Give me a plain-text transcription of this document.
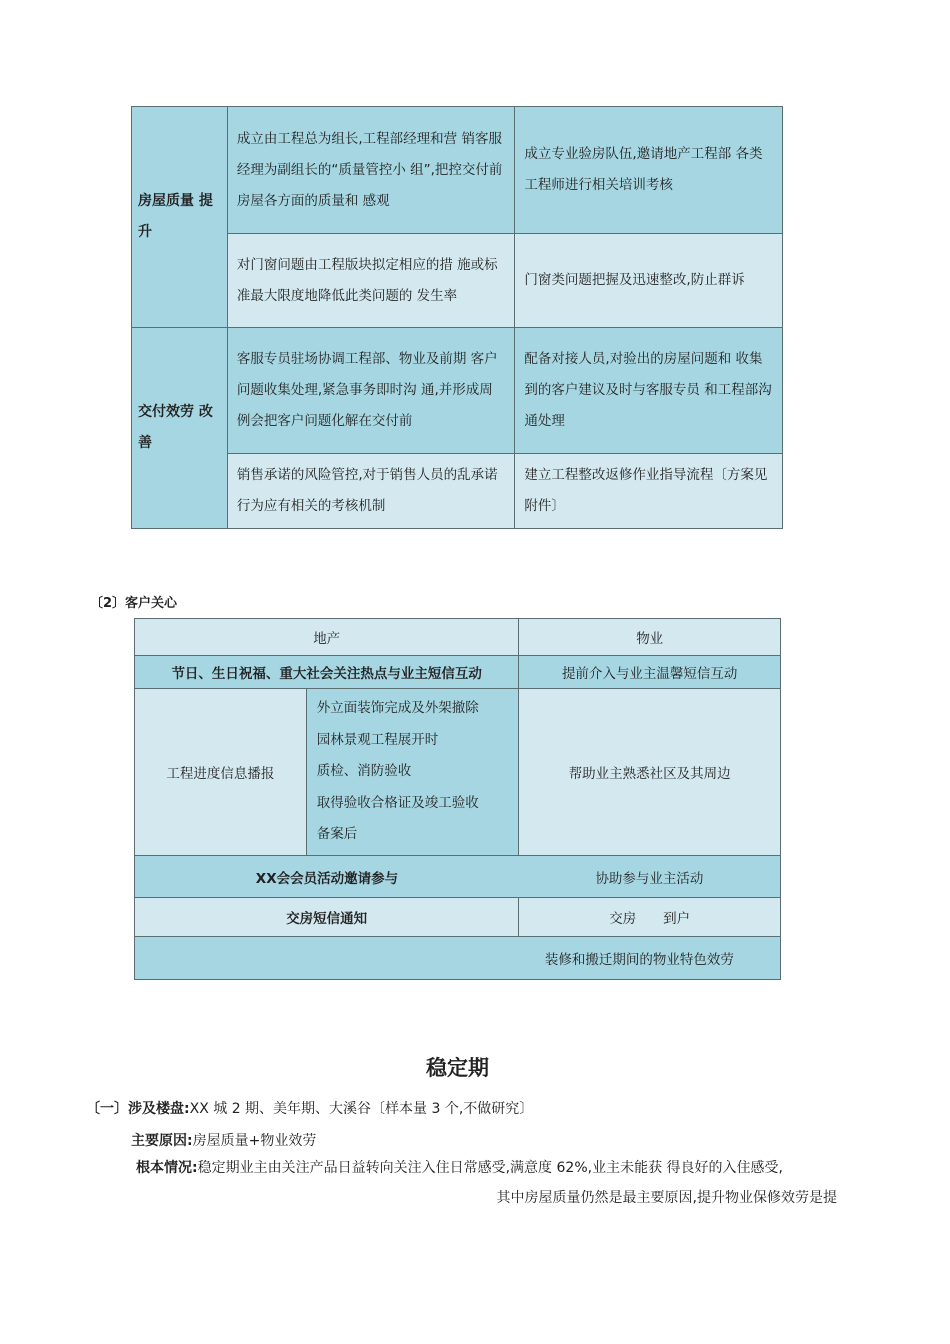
房屋质量 提升	成立由工程总为组长,工程部经理和营 销客服经理为副组长的“质量管控小 组”,把控交付前房屋各方面的质量和 感观	成立专业验房队伍,邀请地产工程部 各类工程师进行相关培训考核
	对门窗问题由工程版块拟定相应的措 施或标准最大限度地降低此类问题的 发生率	门窗类问题把握及迅速整改,防止群诉
交付效劳 改善	客服专员驻场协调工程部、物业及前期 客户问题收集处理,紧急事务即时沟 通,并形成周例会把客户问题化解在交付前	配备对接人员,对验出的房屋问题和 收集到的客户建议及时与客服专员 和工程部沟通处理
	销售承诺的风险管控,对于销售人员的乱承诺行为应有相关的考核机制	建立工程整改返修作业指导流程〔方案见附件〕
〔2〕客户关心
地产		物业
节日、生日祝福、重大社会关注热点与业主短信互动		提前介入与业主温馨短信互动
工程进度信息播报	外立面装饰完成及外架撤除
园林景观工程展开时
质检、消防验收
取得验收合格证及竣工验收
备案后	帮助业主熟悉社区及其周边
XX会会员活动邀请参与		协助参与业主活动
交房短信通知		交房　　到户
		装修和搬迁期间的物业特色效劳
稳定期
〔一〕涉及楼盘:XX 城 2 期、美年期、大溪谷〔样本量 3 个,不做研究〕
主要原因:房屋质量+物业效劳
根本情况:稳定期业主由关注产品日益转向关注入住日常感受,满意度 62%,业主未能获 得良好的入住感受,
其中房屋质量仍然是最主要原因,提升物业保修效劳是提
